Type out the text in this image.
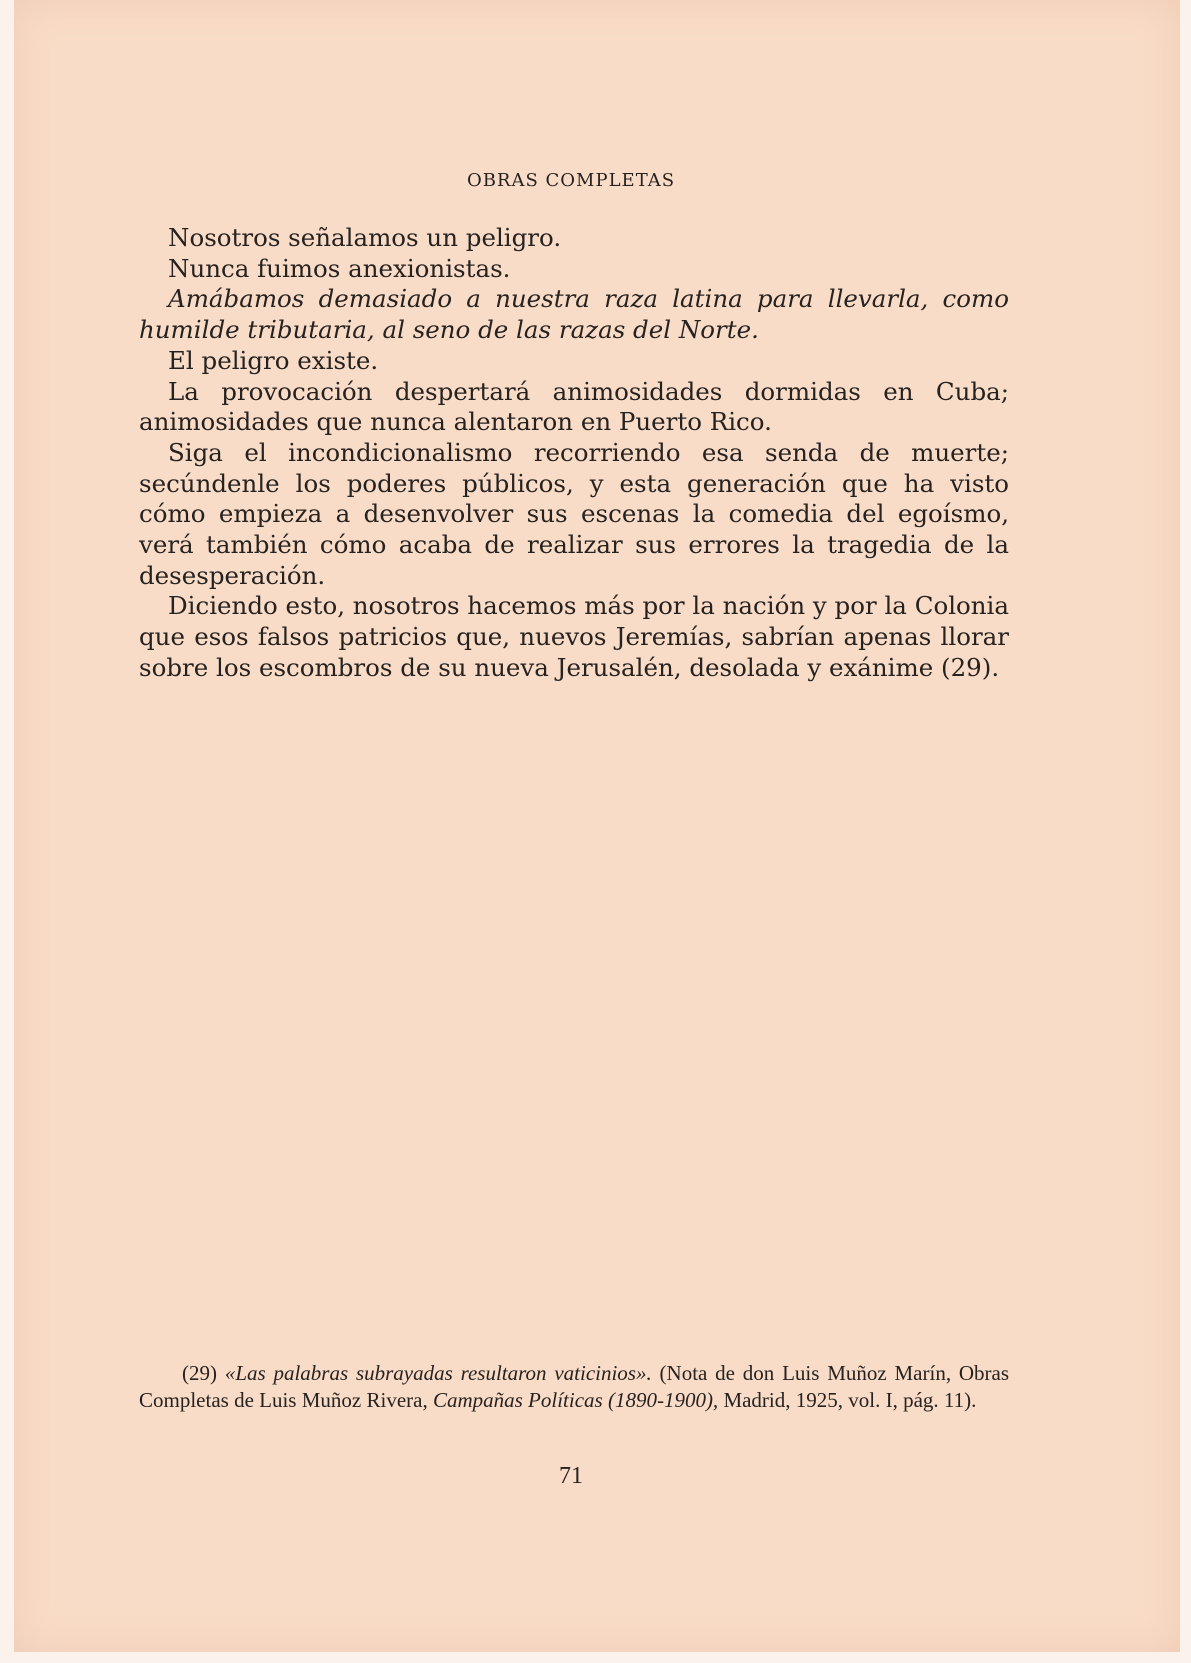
OBRAS COMPLETAS

Nosotros señalamos un peligro.

Nunca fuimos anexionistas.

Amábamos demasiado a nuestra raza latina para llevarla, como humilde tributaria, al seno de las razas del Norte.

El peligro existe.

La provocación despertará animosidades dormidas en Cuba; animosidades que nunca alentaron en Puerto Rico.

Siga el incondicionalismo recorriendo esa senda de muerte; secúndenle los poderes públicos, y esta generación que ha visto cómo empieza a desenvolver sus escenas la comedia del egoísmo, verá también cómo acaba de realizar sus errores la tragedia de la desesperación.

Diciendo esto, nosotros hacemos más por la nación y por la Colonia que esos falsos patricios que, nuevos Jeremías, sabrían apenas llorar sobre los escombros de su nueva Jerusalén, desolada y exánime (29).

(29) «Las palabras subrayadas resultaron vaticinios». (Nota de don Luis Muñoz Marín, Obras Completas de Luis Muñoz Rivera, Campañas Políticas (1890-1900), Madrid, 1925, vol. I, pág. 11).

71
